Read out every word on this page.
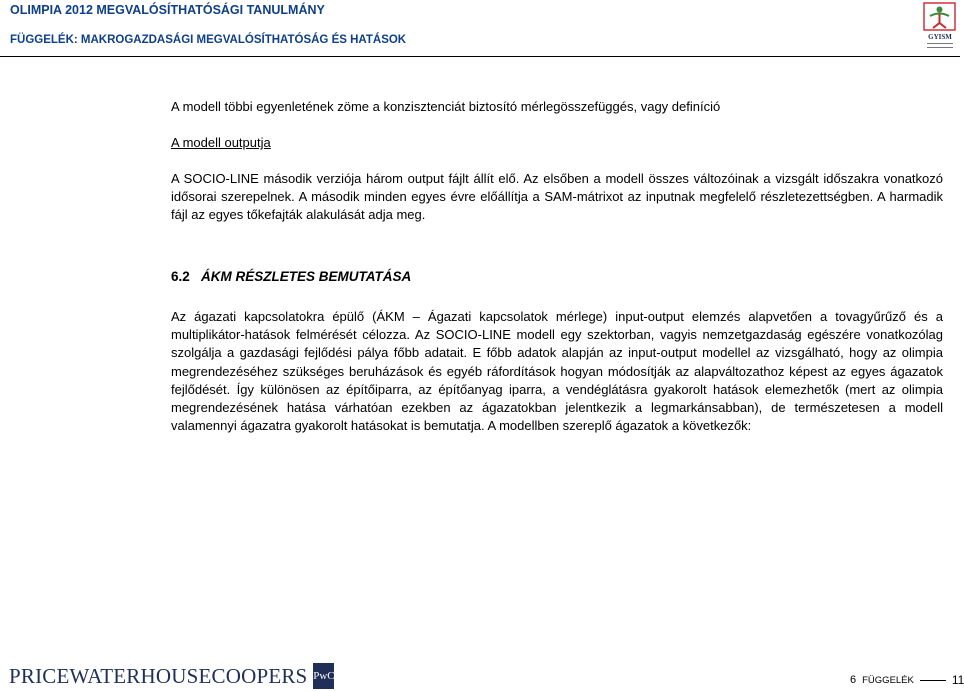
OLIMPIA 2012 MEGVALÓSÍTHATÓSÁGI TANULMÁNY
FÜGGELÉK: MAKROGAZDASÁGI MEGVALÓSÍTHATÓSÁG ÉS HATÁSOK	GYISM
A modell többi egyenletének zöme a konzisztenciát biztosító mérlegösszefüggés, vagy definíció
A modell outputja
A SOCIO-LINE második verziója három output fájlt állít elő. Az elsőben a modell összes változóinak a vizsgált időszakra vonatkozó idősorai szerepelnek. A második minden egyes évre előállítja a SAM-mátrixot az inputnak megfelelő részletezettségben. A harmadik fájl az egyes tőkefajták alakulását adja meg.
6.2 ÁKM RÉSZLETES BEMUTATÁSA
Az ágazati kapcsolatokra épülő (ÁKM – Ágazati kapcsolatok mérlege) input-output elemzés alapvetően a tovagyűrűző és a multiplikátor-hatások felmérését célozza. Az SOCIO-LINE modell egy szektorban, vagyis nemzetgazdaság egészére vonatkozólag szolgálja a gazdasági fejlődési pálya főbb adatait. E főbb adatok alapján az input-output modellel az vizsgálható, hogy az olimpia megrendezéséhez szükséges beruházások és egyéb ráfordítások hogyan módosítják az alapváltozathoz képest az egyes ágazatok fejlődését. Így különösen az építőiparra, az építőanyag iparra, a vendéglátásra gyakorolt hatások elemezhetők (mert az olimpia megrendezésének hatása várhatóan ezekben az ágazatokban jelentkezik a legmarkánsabban), de természetesen a modell valamennyi ágazatra gyakorolt hatásokat is bemutatja. A modellben szereplő ágazatok a következők:
PRICEWATERHOUSECOOPERS PwC	6 FÜGGELÉK	11
